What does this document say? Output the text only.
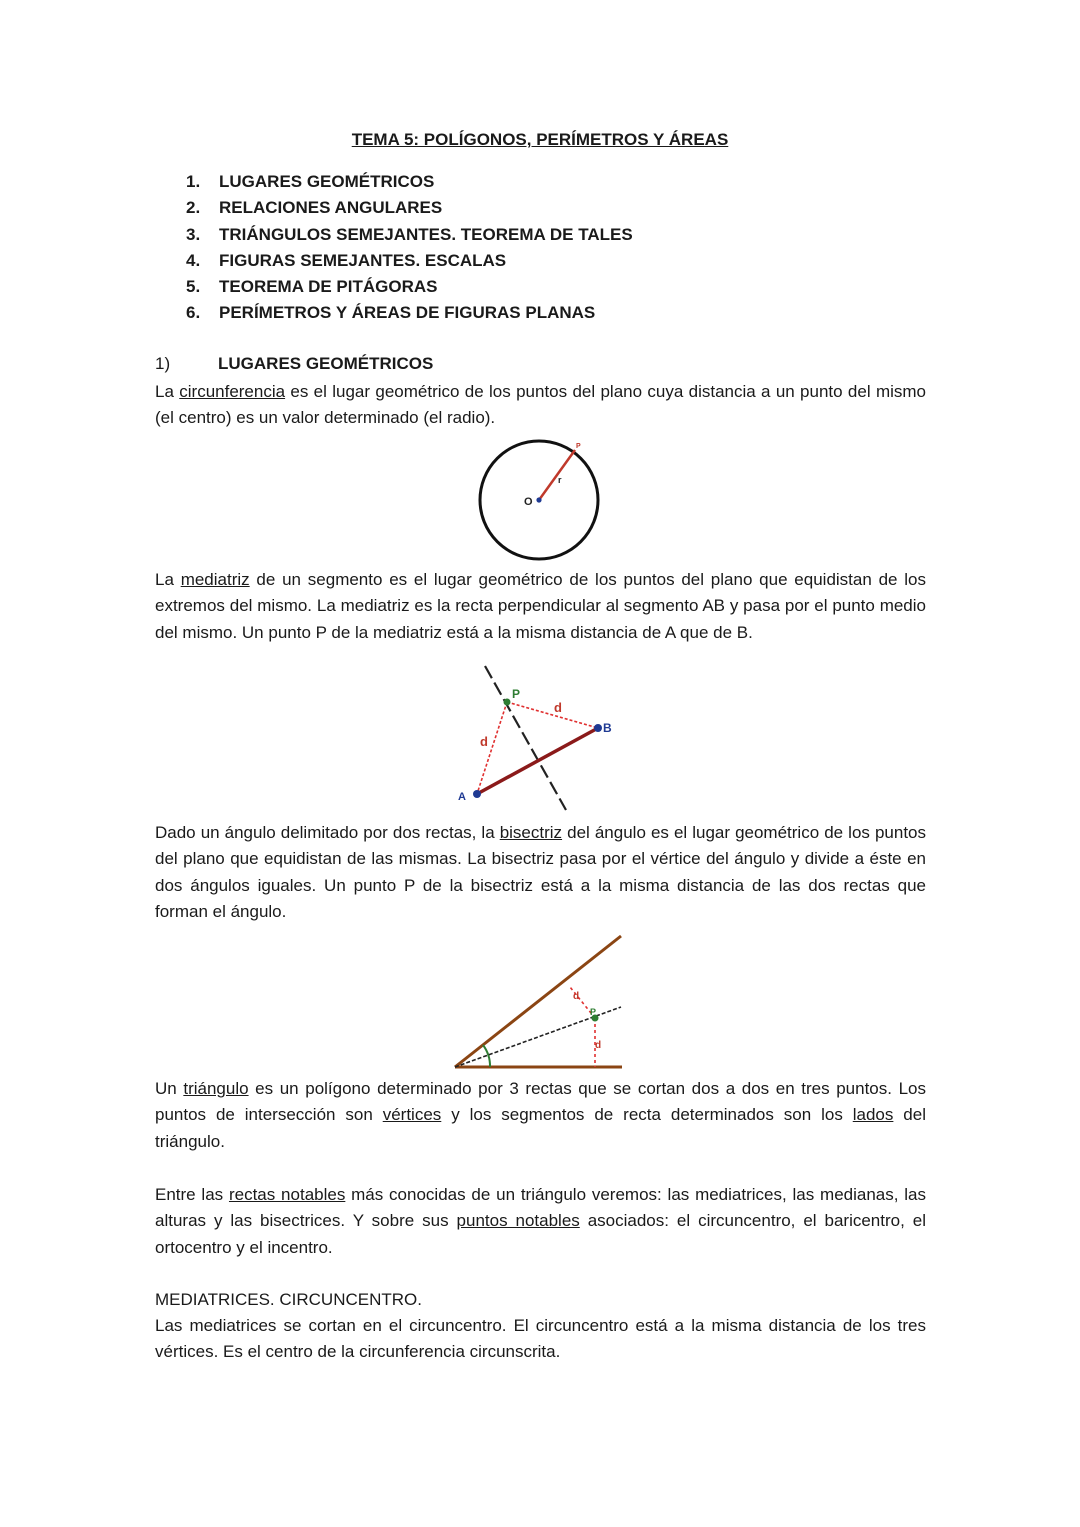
TEMA 5: POLÍGONOS, PERÍMETROS Y ÁREAS
1. LUGARES GEOMÉTRICOS
2. RELACIONES ANGULARES
3. TRIÁNGULOS SEMEJANTES. TEOREMA DE TALES
4. FIGURAS SEMEJANTES. ESCALAS
5. TEOREMA DE PITÁGORAS
6. PERÍMETROS Y ÁREAS DE FIGURAS PLANAS
1)	LUGARES GEOMÉTRICOS

La circunferencia es el lugar geométrico de los puntos del plano cuya distancia a un punto del mismo (el centro) es un valor determinado (el radio).

O
r
P

La mediatriz de un segmento es el lugar geométrico de los puntos del plano que equidistan de los extremos del mismo. La mediatriz es la recta perpendicular al segmento AB y pasa por el punto medio del mismo. Un punto P de la mediatriz está a la misma distancia de A que de B.

P
A
B
d
d

Dado un ángulo delimitado por dos rectas, la bisectriz del ángulo es el lugar geométrico de los puntos del plano que equidistan de las mismas. La bisectriz pasa por el vértice del ángulo y divide a éste en dos ángulos iguales. Un punto P de la bisectriz está a la misma distancia de las dos rectas que forman el ángulo.

P
d
d

Un triángulo es un polígono determinado por 3 rectas que se cortan dos a dos en tres puntos. Los puntos de intersección son vértices y los segmentos de recta determinados son los lados del triángulo.

Entre las rectas notables más conocidas de un triángulo veremos: las mediatrices, las medianas, las alturas y las bisectrices. Y sobre sus puntos notables asociados: el circuncentro, el baricentro, el ortocentro y el incentro.

MEDIATRICES. CIRCUNCENTRO.

Las mediatrices se cortan en el circuncentro. El circuncentro está a la misma distancia de los tres vértices. Es el centro de la circunferencia circunscrita.
